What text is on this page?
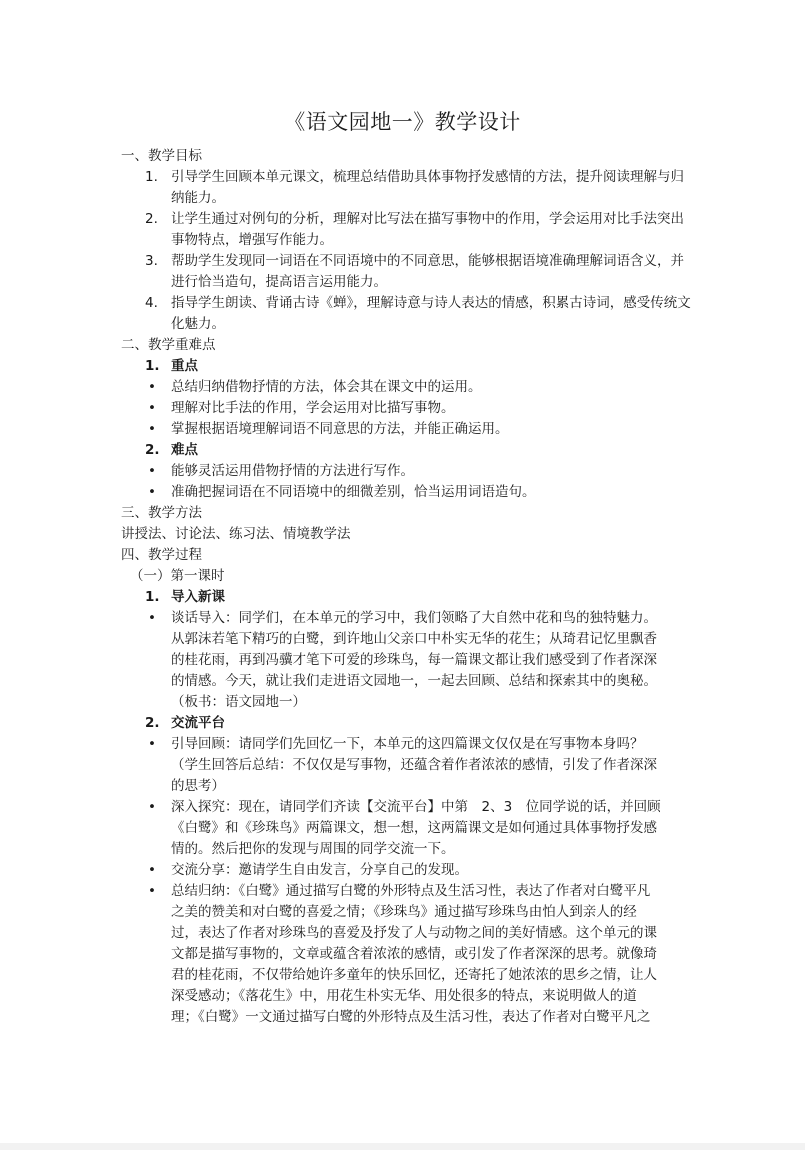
《语文园地一》教学设计
一、教学目标
1. 引导学生回顾本单元课文，梳理总结借助具体事物抒发感情的方法，提升阅读理解与归纳能力。
2. 让学生通过对例句的分析，理解对比写法在描写事物中的作用，学会运用对比手法突出事物特点，增强写作能力。
3. 帮助学生发现同一词语在不同语境中的不同意思，能够根据语境准确理解词语含义，并进行恰当造句，提高语言运用能力。
4. 指导学生朗读、背诵古诗《蝉》，理解诗意与诗人表达的情感，积累古诗词，感受传统文化魅力。
二、教学重难点
1. 重点
• 总结归纳借物抒情的方法，体会其在课文中的运用。
• 理解对比手法的作用，学会运用对比描写事物。
• 掌握根据语境理解词语不同意思的方法，并能正确运用。
2. 难点
• 能够灵活运用借物抒情的方法进行写作。
• 准确把握词语在不同语境中的细微差别，恰当运用词语造句。
三、教学方法
讲授法、讨论法、练习法、情境教学法
四、教学过程
（一）第一课时
1. 导入新课
• 谈话导入：同学们，在本单元的学习中，我们领略了大自然中花和鸟的独特魅力。
从郭沫若笔下精巧的白鹭，到许地山父亲口中朴实无华的花生；从琦君记忆里飘香
的桂花雨，再到冯骥才笔下可爱的珍珠鸟，每一篇课文都让我们感受到了作者深深
的情感。今天，就让我们走进语文园地一，一起去回顾、总结和探索其中的奥秘。
（板书：语文园地一）
2. 交流平台
• 引导回顾：请同学们先回忆一下，本单元的这四篇课文仅仅是在写事物本身吗？
（学生回答后总结：不仅仅是写事物，还蕴含着作者浓浓的感情，引发了作者深深
的思考）
• 深入探究：现在，请同学们齐读【交流平台】中第　2、3　位同学说的话，并回顾
《白鹭》和《珍珠鸟》两篇课文，想一想，这两篇课文是如何通过具体事物抒发感
情的。然后把你的发现与周围的同学交流一下。
• 交流分享：邀请学生自由发言，分享自己的发现。
• 总结归纳：《白鹭》通过描写白鹭的外形特点及生活习性，表达了作者对白鹭平凡
之美的赞美和对白鹭的喜爱之情；《珍珠鸟》通过描写珍珠鸟由怕人到亲人的经
过，表达了作者对珍珠鸟的喜爱及抒发了人与动物之间的美好情感。这个单元的课
文都是描写事物的，文章或蕴含着浓浓的感情，或引发了作者深深的思考。就像琦
君的桂花雨，不仅带给她许多童年的快乐回忆，还寄托了她浓浓的思乡之情，让人
深受感动；《落花生》中，用花生朴实无华、用处很多的特点，来说明做人的道
理；《白鹭》一文通过描写白鹭的外形特点及生活习性，表达了作者对白鹭平凡之
